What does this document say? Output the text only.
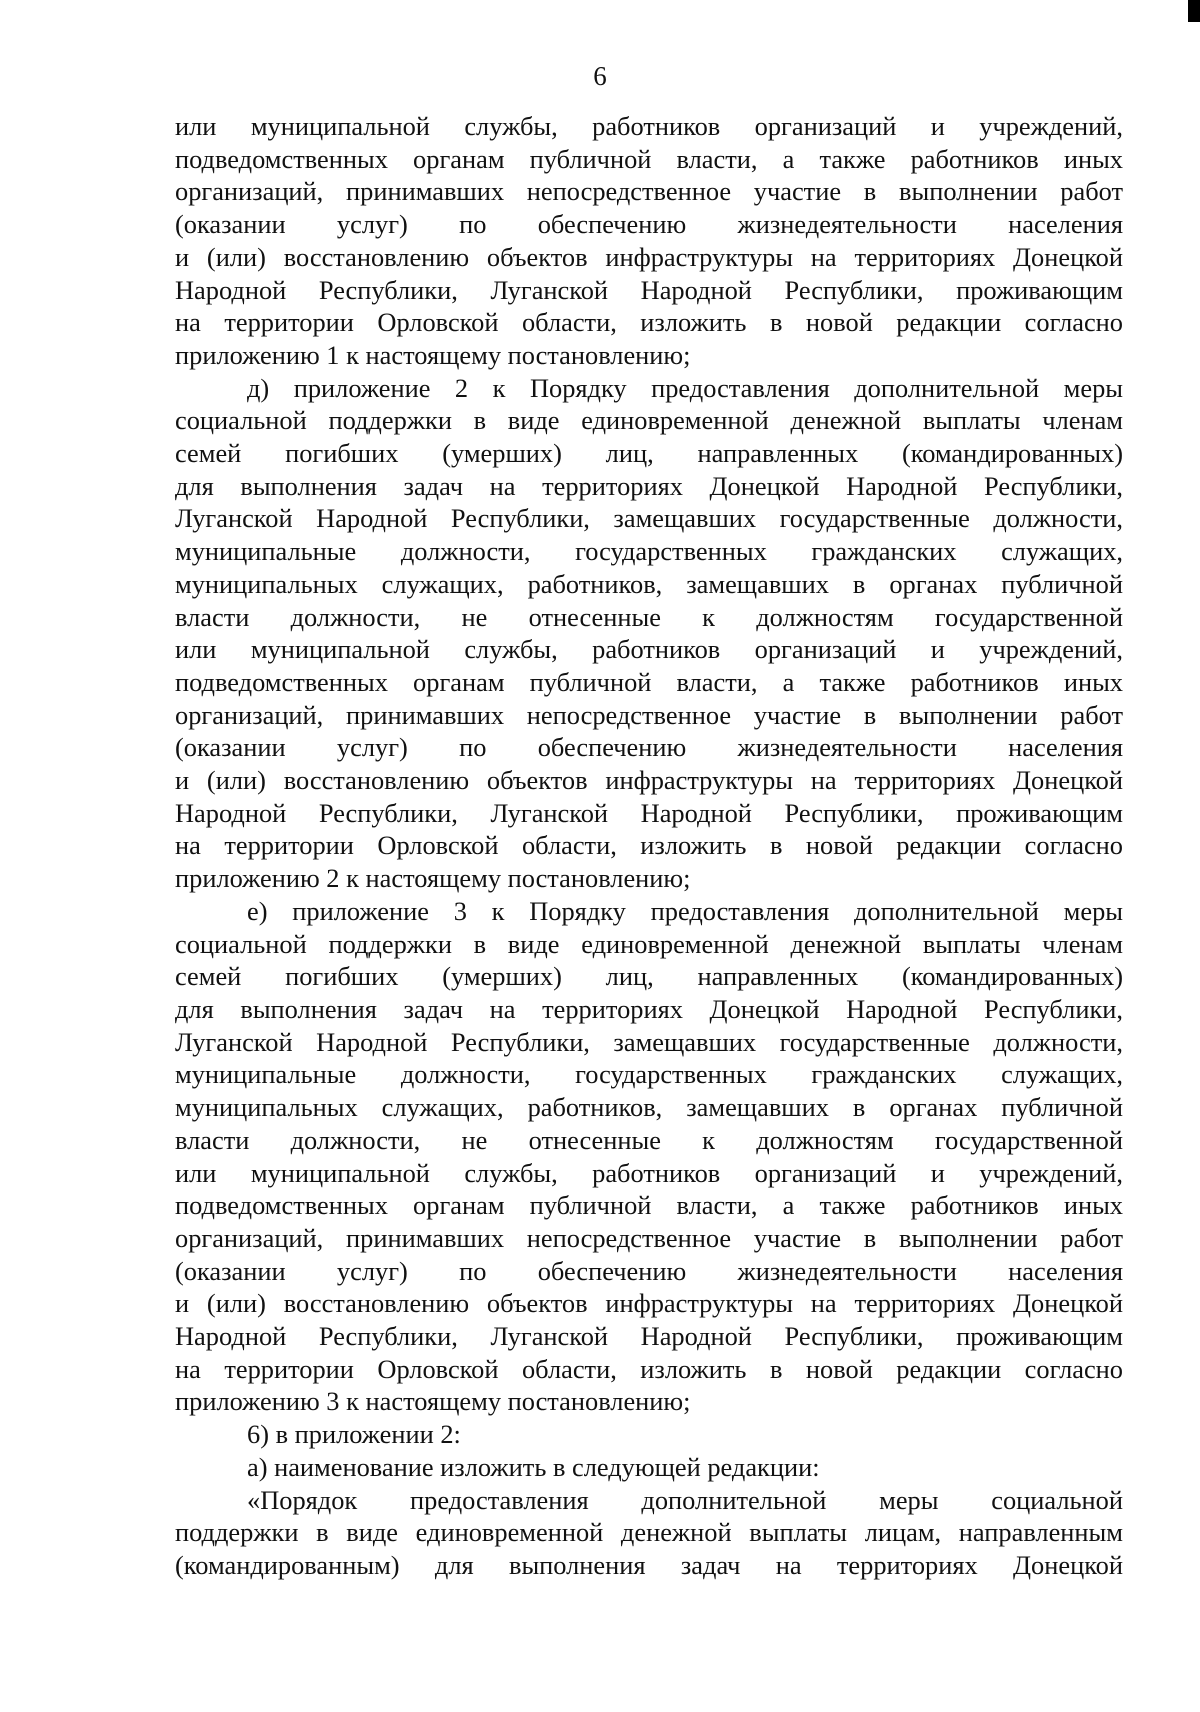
6
или муниципальной службы, работников организаций и учреждений,
подведомственных органам публичной власти, а также работников иных
организаций, принимавших непосредственное участие в выполнении работ
(оказании услуг) по обеспечению жизнедеятельности населения
и (или) восстановлению объектов инфраструктуры на территориях Донецкой
Народной Республики, Луганской Народной Республики, проживающим
на территории Орловской области, изложить в новой редакции согласно
приложению 1 к настоящему постановлению;
д) приложение 2 к Порядку предоставления дополнительной меры
социальной поддержки в виде единовременной денежной выплаты членам
семей погибших (умерших) лиц, направленных (командированных)
для выполнения задач на территориях Донецкой Народной Республики,
Луганской Народной Республики, замещавших государственные должности,
муниципальные должности, государственных гражданских служащих,
муниципальных служащих, работников, замещавших в органах публичной
власти должности, не отнесенные к должностям государственной
или муниципальной службы, работников организаций и учреждений,
подведомственных органам публичной власти, а также работников иных
организаций, принимавших непосредственное участие в выполнении работ
(оказании услуг) по обеспечению жизнедеятельности населения
и (или) восстановлению объектов инфраструктуры на территориях Донецкой
Народной Республики, Луганской Народной Республики, проживающим
на территории Орловской области, изложить в новой редакции согласно
приложению 2 к настоящему постановлению;
е) приложение 3 к Порядку предоставления дополнительной меры
социальной поддержки в виде единовременной денежной выплаты членам
семей погибших (умерших) лиц, направленных (командированных)
для выполнения задач на территориях Донецкой Народной Республики,
Луганской Народной Республики, замещавших государственные должности,
муниципальные должности, государственных гражданских служащих,
муниципальных служащих, работников, замещавших в органах публичной
власти должности, не отнесенные к должностям государственной
или муниципальной службы, работников организаций и учреждений,
подведомственных органам публичной власти, а также работников иных
организаций, принимавших непосредственное участие в выполнении работ
(оказании услуг) по обеспечению жизнедеятельности населения
и (или) восстановлению объектов инфраструктуры на территориях Донецкой
Народной Республики, Луганской Народной Республики, проживающим
на территории Орловской области, изложить в новой редакции согласно
приложению 3 к настоящему постановлению;
6) в приложении 2:
а) наименование изложить в следующей редакции:
«Порядок предоставления дополнительной меры социальной
поддержки в виде единовременной денежной выплаты лицам, направленным
(командированным) для выполнения задач на территориях Донецкой
